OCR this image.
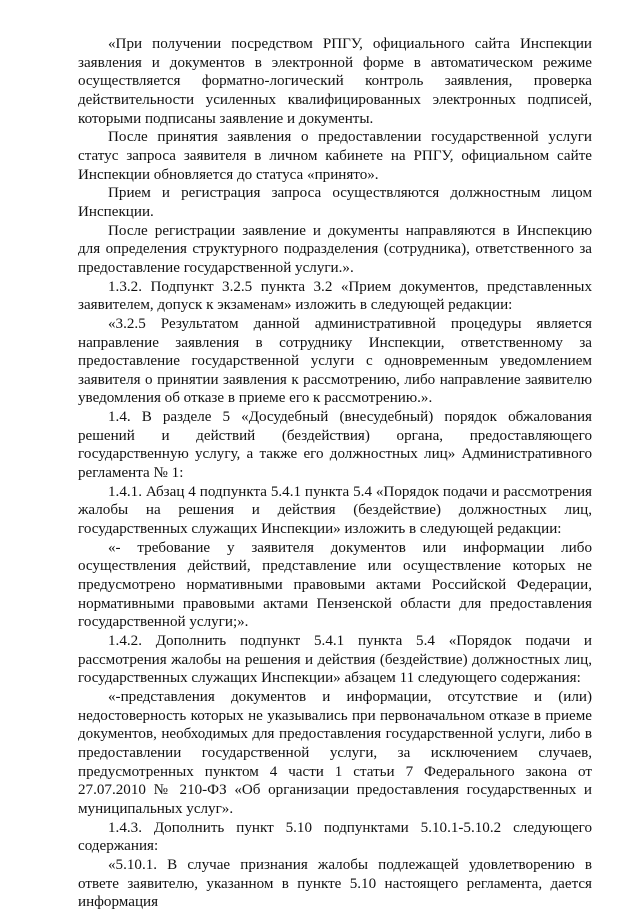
«При получении посредством РПГУ, официального сайта Инспекции заявления и документов в электронной форме в автоматическом режиме осуществляется форматно-логический контроль заявления, проверка действительности усиленных квалифицированных электронных подписей, которыми подписаны заявление и документы.

После принятия заявления о предоставлении государственной услуги статус запроса заявителя в личном кабинете на РПГУ, официальном сайте Инспекции обновляется до статуса «принято».

Прием и регистрация запроса осуществляются должностным лицом Инспекции.

После регистрации заявление и документы направляются в Инспекцию для определения структурного подразделения (сотрудника), ответственного за предоставление государственной услуги.».

1.3.2. Подпункт 3.2.5 пункта 3.2 «Прием документов, представленных заявителем, допуск к экзаменам» изложить в следующей редакции:

«3.2.5 Результатом данной административной процедуры является направление заявления в сотруднику Инспекции, ответственному за предоставление государственной услуги с одновременным уведомлением заявителя о принятии заявления к рассмотрению, либо направление заявителю уведомления об отказе в приеме его к рассмотрению.».

1.4. В разделе 5 «Досудебный (внесудебный) порядок обжалования решений и действий (бездействия) органа, предоставляющего государственную услугу, а также его должностных лиц» Административного регламента № 1:

1.4.1. Абзац 4 подпункта 5.4.1 пункта 5.4 «Порядок подачи и рассмотрения жалобы на решения и действия (бездействие) должностных лиц, государственных служащих Инспекции» изложить в следующей редакции:

«- требование у заявителя документов или информации либо осуществления действий, представление или осуществление которых не предусмотрено нормативными правовыми актами Российской Федерации, нормативными правовыми актами Пензенской области для предоставления государственной услуги;».

1.4.2. Дополнить подпункт 5.4.1 пункта 5.4 «Порядок подачи и рассмотрения жалобы на решения и действия (бездействие) должностных лиц, государственных служащих Инспекции» абзацем 11 следующего содержания:

«-представления документов и информации, отсутствие и (или) недостоверность которых не указывались при первоначальном отказе в приеме документов, необходимых для предоставления государственной услуги, либо в предоставлении государственной услуги, за исключением случаев, предусмотренных пунктом 4 части 1 статьи 7 Федерального закона от 27.07.2010 № 210-ФЗ «Об организации предоставления государственных и муниципальных услуг».

1.4.3. Дополнить пункт 5.10 подпунктами 5.10.1-5.10.2 следующего содержания:

«5.10.1. В случае признания жалобы подлежащей удовлетворению в ответе заявителю, указанном в пункте 5.10 настоящего регламента, дается информация
